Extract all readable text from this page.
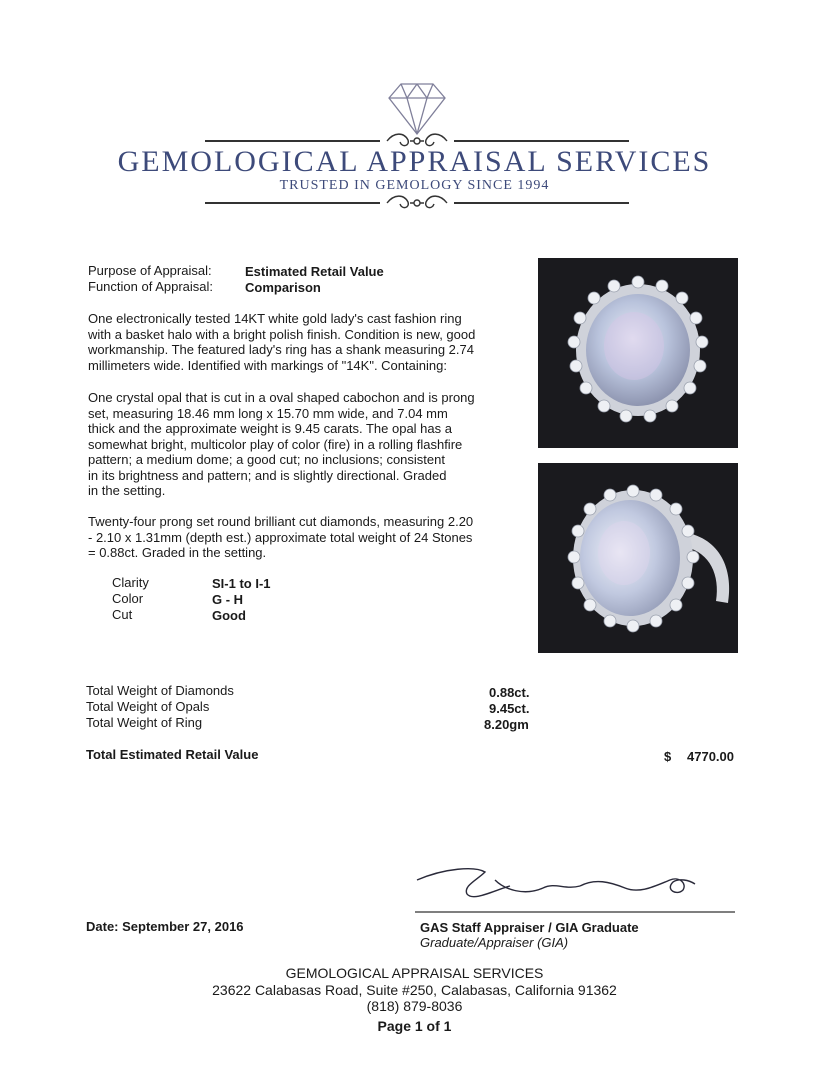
GEMOLOGICAL APPRAISAL SERVICES
TRUSTED IN GEMOLOGY SINCE 1994
Purpose of Appraisal:	Estimated Retail Value
Function of Appraisal: Comparison
One electronically tested 14KT white gold lady's cast fashion ring
with a basket halo with a bright polish finish. Condition is new, good
workmanship. The featured lady's ring has a shank measuring 2.74
millimeters wide. Identified with markings of "14K". Containing:
One crystal opal that is cut in a oval shaped cabochon and is prong
set, measuring 18.46 mm long x 15.70 mm wide, and 7.04 mm
thick and the approximate weight is 9.45 carats. The opal has a
somewhat bright, multicolor play of color (fire) in a rolling flashfire
pattern; a medium dome; a good cut; no inclusions; consistent
in its brightness and pattern; and is slightly directional. Graded
in the setting.
Twenty-four prong set round brilliant cut diamonds, measuring 2.20
- 2.10 x 1.31mm (depth est.) approximate total weight of 24 Stones
= 0.88ct. Graded in the setting.
Clarity	SI-1 to I-1
Color	G - H
Cut	Good
Total Weight of Diamonds	0.88ct.
Total Weight of Opals	9.45ct.
Total Weight of Ring	8.20gm
Total Estimated Retail Value	$ 4770.00
Date: September 27, 2016	GAS Staff Appraiser / GIA Graduate
Graduate/Appraiser (GIA)
GEMOLOGICAL APPRAISAL SERVICES
23622 Calabasas Road, Suite #250, Calabasas, California 91362
(818) 879-8036
Page 1 of 1
